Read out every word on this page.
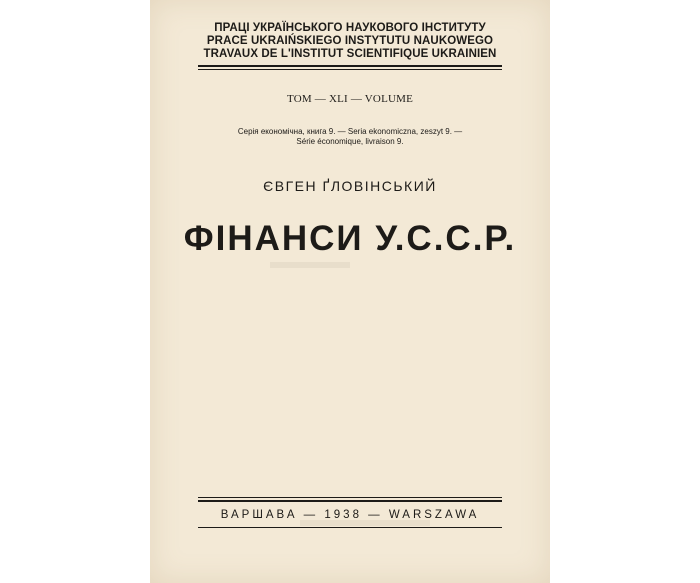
ПРАЦІ УКРАЇНСЬКОГО НАУКОВОГО ІНСТИТУТУ
PRACE UKRAIŃSKIEGO INSTYTUTU NAUKOWEGO
TRAVAUX DE L'INSTITUT SCIENTIFIQUE UKRAINIEN
ТОМ — XLI — VOLUME
Серія економічна, книга 9. — Seria ekonomiczna, zeszyt 9. —
Série économique, livraison 9.
ЄВГЕН ҐЛОВІНСЬКИЙ
ФІНАНСИ У.С.С.Р.
ВАРШАВА — 1938 — WARSZAWA
